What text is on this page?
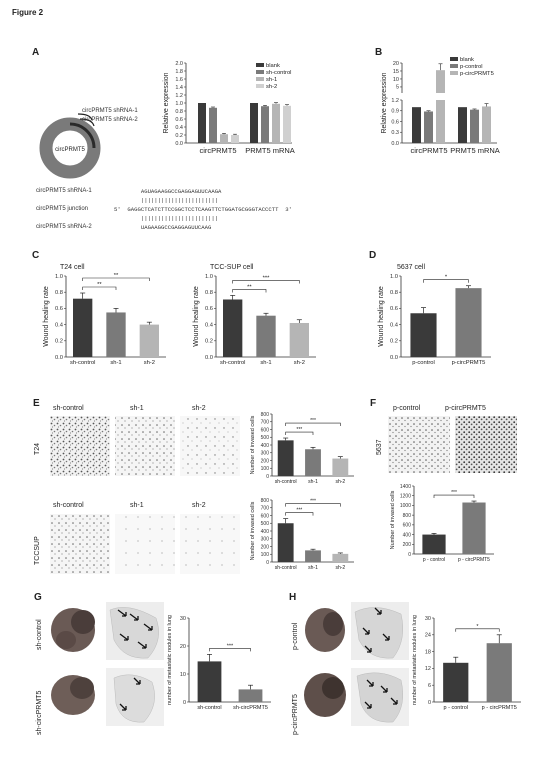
Figure 2
A	B
C	D
E	F
G	H
circPRMT5
circPRMT5 shRNA-1
circPRMT5 shRNA-2
circPRMT5 shRNA-1	AGUAGAAGGCCGAGGAGUUCAAGA
|||||||||||||||||||||||
circPRMT5 junction	5'  GAGGCTCATCTTCCGGCTCCTCAAGTTCTGGATGCGGGTACCCTT  3'
|||||||||||||||||||||||
circPRMT5 shRNA-2	UAGAAGGCCGAGGAGUUCAAG
0.0
0.2
0.4
0.6
0.8
1.0
1.2
1.4
1.6
1.8
2.0
Relative expression
circPRMT5 PRMT5 mRNA
blank
sh-control
sh-1
sh-2	5
10
15
20
0.0
0.3
0.6
0.9
1.2
Relative expression
circPRMT5 PRMT5 mRNA
blank
p-control
p-circPRMT5
0.0
0.2
0.4
0.6
0.8
1.0
Wound healing rate
sh-control	sh-1	sh-2
**
**
0.0
0.2
0.4
0.6
0.8
1.0
Wound healing rate
sh-control	sh-1	sh-2
**
***
0.0
0.2
0.4
0.6
0.8
1.0
Wound healing rate
p-control	p-circPRMT5
*
0
100
200
300
400
500
600
700
800
Number of invased cells
sh-control sh-1	sh-2
***
***
0
100
200
300
400
500
600
700
800
Number of invased cells
sh-control sh-1	sh-2
***
***
0
200
400
600
800
1000
1200
1400
Number of invased cells
p - control	p - circPRMT5
***
0
10
20
30
number of metastatic nodules in lung
sh-control sh-circPRMT5
***
0
6
12
18
24
30
number of metastatic nodules in lung
p - control p - circPRMT5
*
T24 cell	TCC-SUP cell	5637 cell
sh-control	sh-1	sh-2
sh-control	sh-1	sh-2
T24
TCCSUP
p-control	p-circPRMT5
5637
sh-control
sh-circPRMT5
p-control
p-circPRMT5
